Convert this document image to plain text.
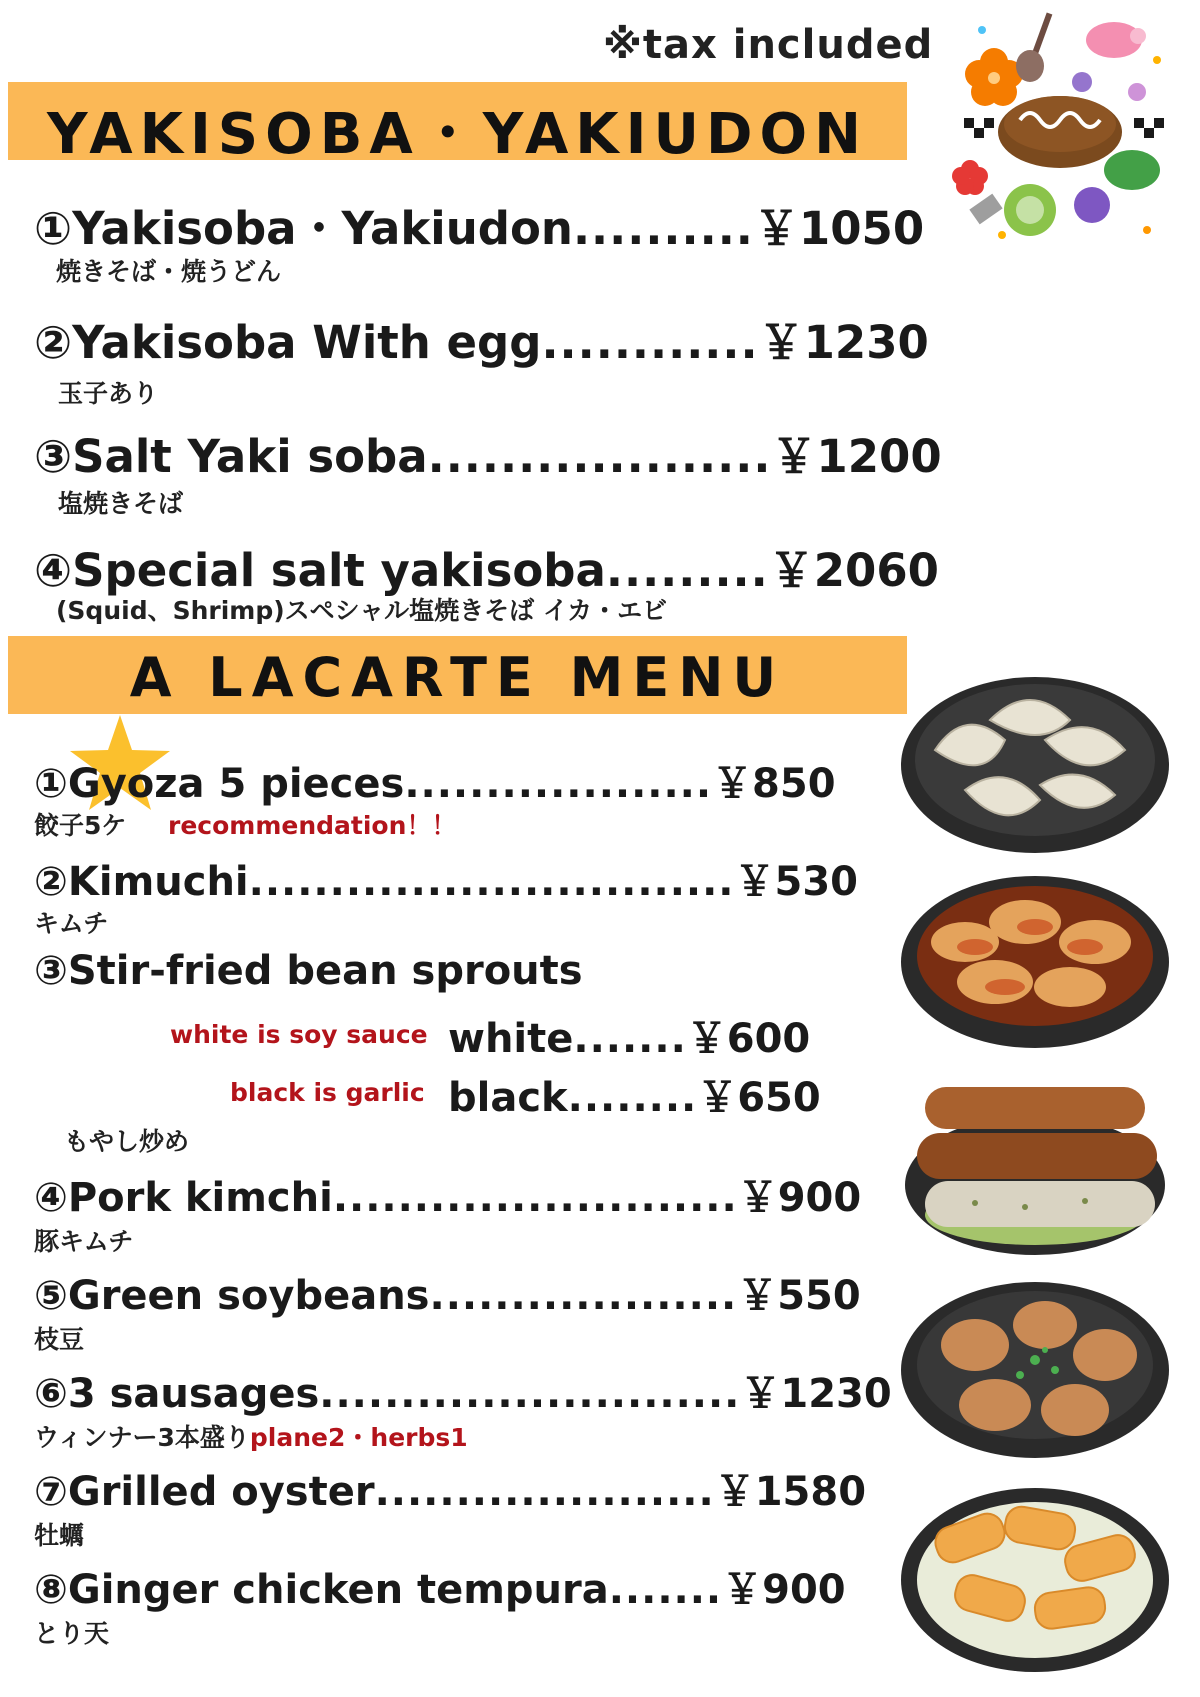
※tax included
YAKISOBA・YAKIUDON
①Yakisoba・Yakiudon..........￥1050
焼きそば・焼うどん
②Yakisoba With egg............￥1230
玉子あり
③Salt Yaki soba...................￥1200
塩焼きそば
④Special salt yakisoba.........￥2060
(Squid、Shrimp)スペシャル塩焼きそば イカ・エビ
A LACARTE MENU
①Gyoza 5 pieces...................￥850
餃子5ケ recommendation！！
②Kimuchi..............................￥530
キムチ
③Stir-fried bean sprouts
white is soy sauce white.......￥600
black is garlic black........￥650
もやし炒め
④Pork kimchi.........................￥900
豚キムチ
⑤Green soybeans...................￥550
枝豆
⑥3 sausages..........................￥1230
ウィンナー3本盛りplane2・herbs1
⑦Grilled oyster.....................￥1580
牡蠣
⑧Ginger chicken tempura.......￥900
とり天
